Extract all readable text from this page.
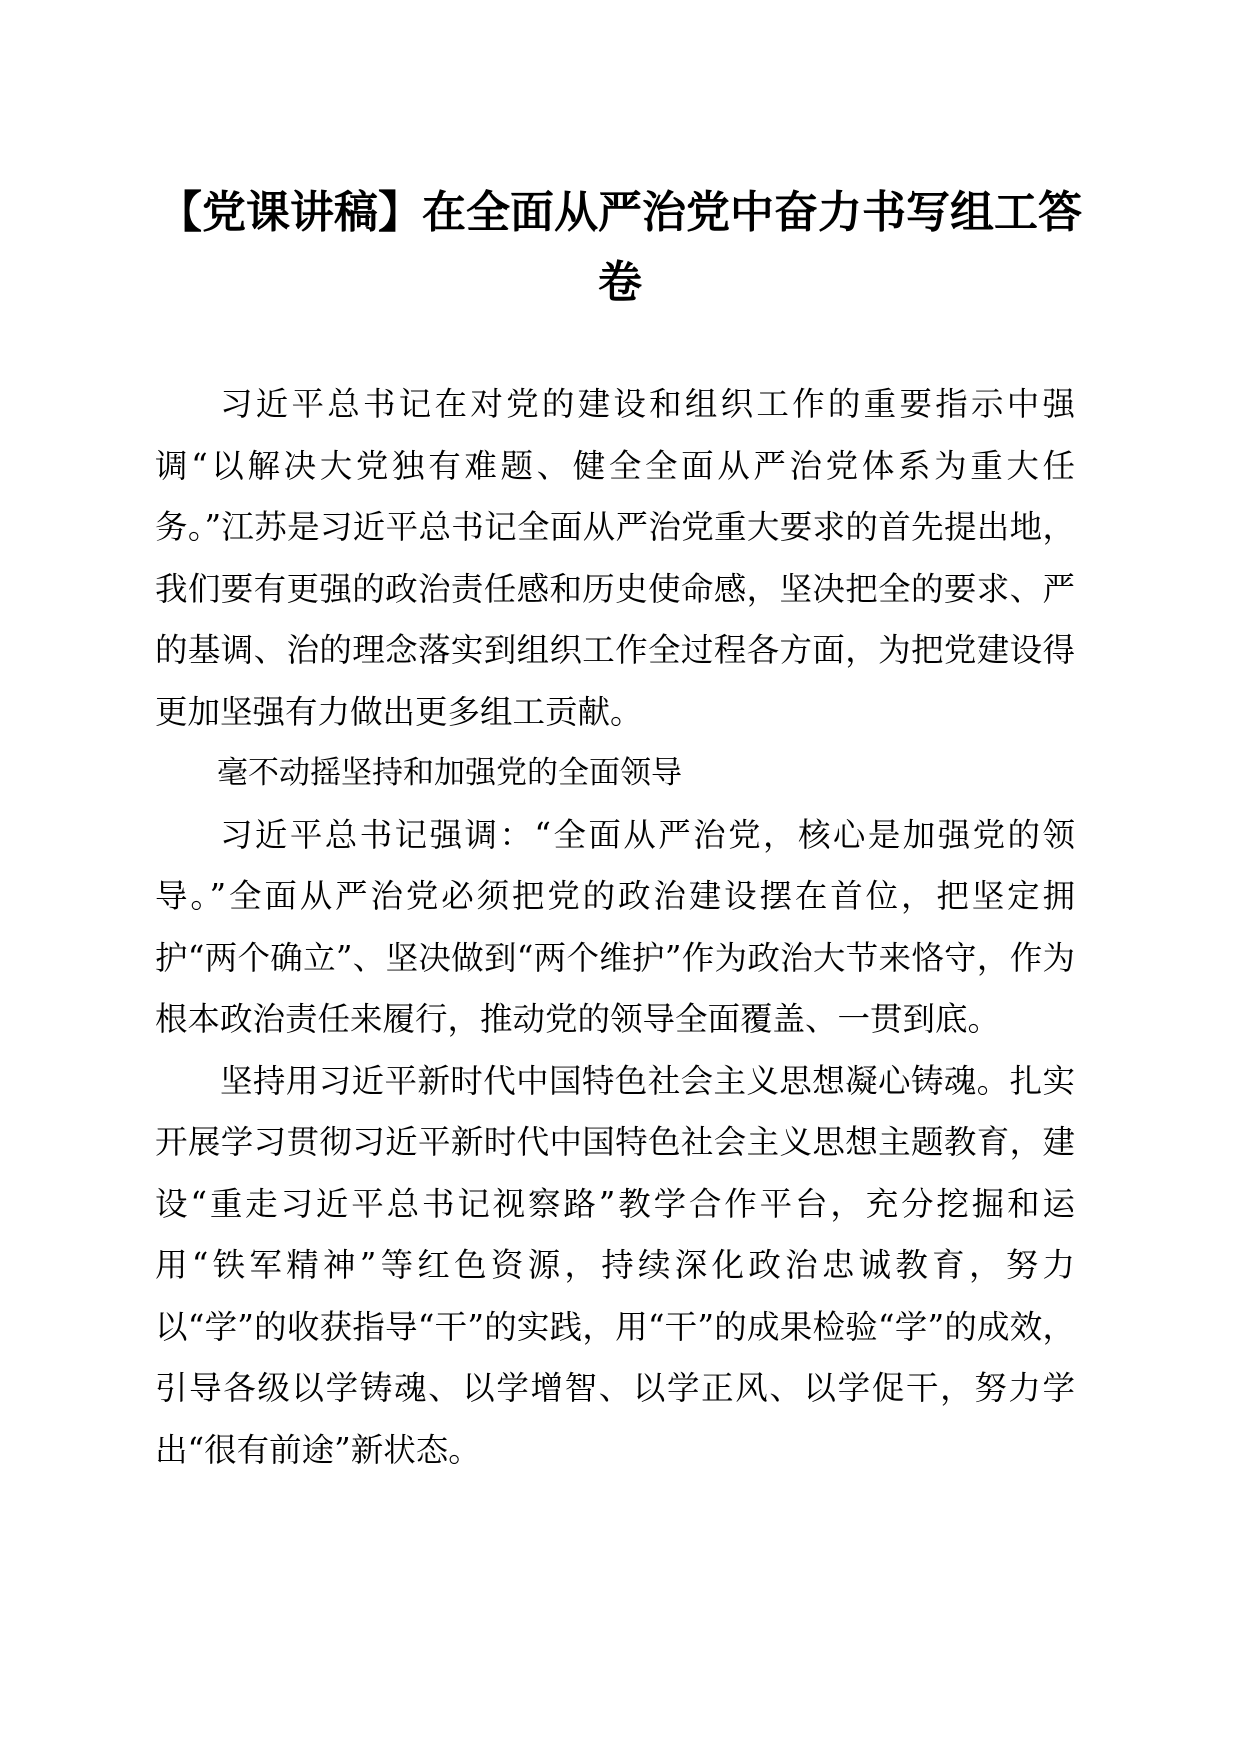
【党课讲稿】在全面从严治党中奋力书写组工答卷

习近平总书记在对党的建设和组织工作的重要指示中强调“以解决大党独有难题、健全全面从严治党体系为重大任务。”江苏是习近平总书记全面从严治党重大要求的首先提出地，我们要有更强的政治责任感和历史使命感，坚决把全的要求、严的基调、治的理念落实到组织工作全过程各方面，为把党建设得更加坚强有力做出更多组工贡献。

毫不动摇坚持和加强党的全面领导

习近平总书记强调：“全面从严治党，核心是加强党的领导。”全面从严治党必须把党的政治建设摆在首位，把坚定拥护“两个确立”、坚决做到“两个维护”作为政治大节来恪守，作为根本政治责任来履行，推动党的领导全面覆盖、一贯到底。

坚持用习近平新时代中国特色社会主义思想凝心铸魂。扎实开展学习贯彻习近平新时代中国特色社会主义思想主题教育，建设“重走习近平总书记视察路”教学合作平台，充分挖掘和运用“铁军精神”等红色资源，持续深化政治忠诚教育，努力以“学”的收获指导“干”的实践，用“干”的成果检验“学”的成效，引导各级以学铸魂、以学增智、以学正风、以学促干，努力学出“很有前途”新状态。
